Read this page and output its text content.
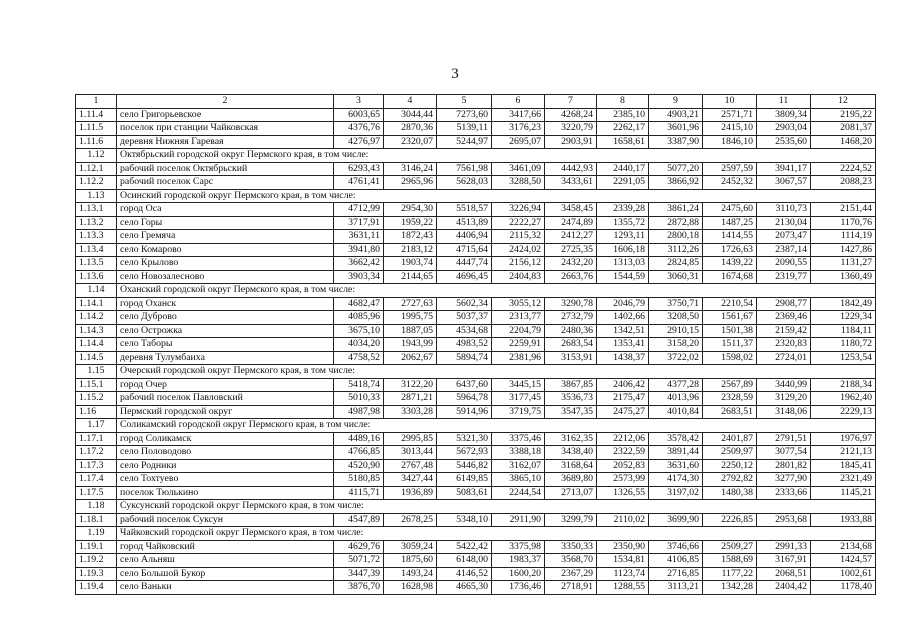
3
1	2	3	4	5	6	7	8	9	10	11	12
1.11.4	село Григорьевское	6003,65	3044,44	7273,60	3417,66	4268,24	2385,10	4903,21	2571,71	3809,34	2195,22
1.11.5	поселок при станции Чайковская	4376,76	2870,36	5139,11	3176,23	3220,79	2262,17	3601,96	2415,10	2903,04	2081,37
1.11.6	деревня Нижняя Гаревая	4276,97	2320,07	5244,97	2695,07	2903,91	1658,61	3387,90	1846,10	2535,60	1468,20
1.12	Октябрьский городской округ Пермского края, в том числе:										
1.12.1	рабочий поселок Октябрьский	6293,43	3146,24	7561,98	3461,09	4442,93	2440,17	5077,20	2597,59	3941,17	2224,52
1.12.2	рабочий поселок Сарс	4761,41	2965,96	5628,03	3288,50	3433,61	2291,05	3866,92	2452,32	3067,57	2088,23
1.13	Осинский городской округ Пермского края, в том числе:										
1.13.1	город Оса	4712,99	2954,30	5518,57	3226,94	3458,45	2339,28	3861,24	2475,60	3110,73	2151,44
1.13.2	село Горы	3717,91	1959,22	4513,89	2222,27	2474,89	1355,72	2872,88	1487,25	2130,04	1170,76
1.13.3	село Гремяча	3631,11	1872,43	4406,94	2115,32	2412,27	1293,11	2800,18	1414,55	2073,47	1114,19
1.13.4	село Комарово	3941,80	2183,12	4715,64	2424,02	2725,35	1606,18	3112,26	1726,63	2387,14	1427,86
1.13.5	село Крылово	3662,42	1903,74	4447,74	2156,12	2432,20	1313,03	2824,85	1439,22	2090,55	1131,27
1.13.6	село Новозалесново	3903,34	2144,65	4696,45	2404,83	2663,76	1544,59	3060,31	1674,68	2319,77	1360,49
1.14	Оханский городской округ Пермского края, в том числе:										
1.14.1	город Оханск	4682,47	2727,63	5602,34	3055,12	3290,78	2046,79	3750,71	2210,54	2908,77	1842,49
1.14.2	село Дуброво	4085,96	1995,75	5037,37	2313,77	2732,79	1402,66	3208,50	1561,67	2369,46	1229,34
1.14.3	село Острожка	3675,10	1887,05	4534,68	2204,79	2480,36	1342,51	2910,15	1501,38	2159,42	1184,11
1.14.4	село Таборы	4034,20	1943,99	4983,52	2259,91	2683,54	1353,41	3158,20	1511,37	2320,83	1180,72
1.14.5	деревня Тулумбаиха	4758,52	2062,67	5894,74	2381,96	3153,91	1438,37	3722,02	1598,02	2724,01	1253,54
1.15	Очерский городской округ Пермского края, в том числе:										
1.15.1	город Очер	5418,74	3122,20	6437,60	3445,15	3867,85	2406,42	4377,28	2567,89	3440,99	2188,34
1.15.2	рабочий поселок Павловский	5010,33	2871,21	5964,78	3177,45	3536,73	2175,47	4013,96	2328,59	3129,20	1962,40
1.16	Пермский городской округ	4987,98	3303,28	5914,96	3719,75	3547,35	2475,27	4010,84	2683,51	3148,06	2229,13
1.17	Соликамский городской округ Пермского края, в том числе:										
1.17.1	город Соликамск	4489,16	2995,85	5321,30	3375,46	3162,35	2212,06	3578,42	2401,87	2791,51	1976,97
1.17.2	село Половодово	4766,85	3013,44	5672,93	3388,18	3438,40	2322,59	3891,44	2509,97	3077,54	2121,13
1.17.3	село Родники	4520,90	2767,48	5446,82	3162,07	3168,64	2052,83	3631,60	2250,12	2801,82	1845,41
1.17.4	село Тохтуево	5180,85	3427,44	6149,85	3865,10	3689,80	2573,99	4174,30	2792,82	3277,90	2321,49
1.17.5	поселок Тюлькино	4115,71	1936,89	5083,61	2244,54	2713,07	1326,55	3197,02	1480,38	2333,66	1145,21
1.18	Суксунский городской округ Пермского края, в том числе:										
1.18.1	рабочий поселок Суксун	4547,89	2678,25	5348,10	2911,90	3299,79	2110,02	3699,90	2226,85	2953,68	1933,88
1.19	Чайковский городской округ Пермского края, в том числе:										
1.19.1	город Чайковский	4629,76	3059,24	5422,42	3375,98	3350,33	2350,90	3746,66	2509,27	2991,33	2134,68
1.19.2	село Альняш	5071,72	1875,60	6148,00	1983,37	3568,70	1534,81	4106,85	1588,69	3167,91	1424,57
1.19.3	село Большой Букор	3447,39	1493,24	4146,52	1600,20	2367,29	1123,74	2716,85	1177,22	2068,51	1002,61
1.19.4	село Ваньки	3876,70	1628,98	4665,30	1736,46	2718,91	1288,55	3113,21	1342,28	2404,42	1178,40
